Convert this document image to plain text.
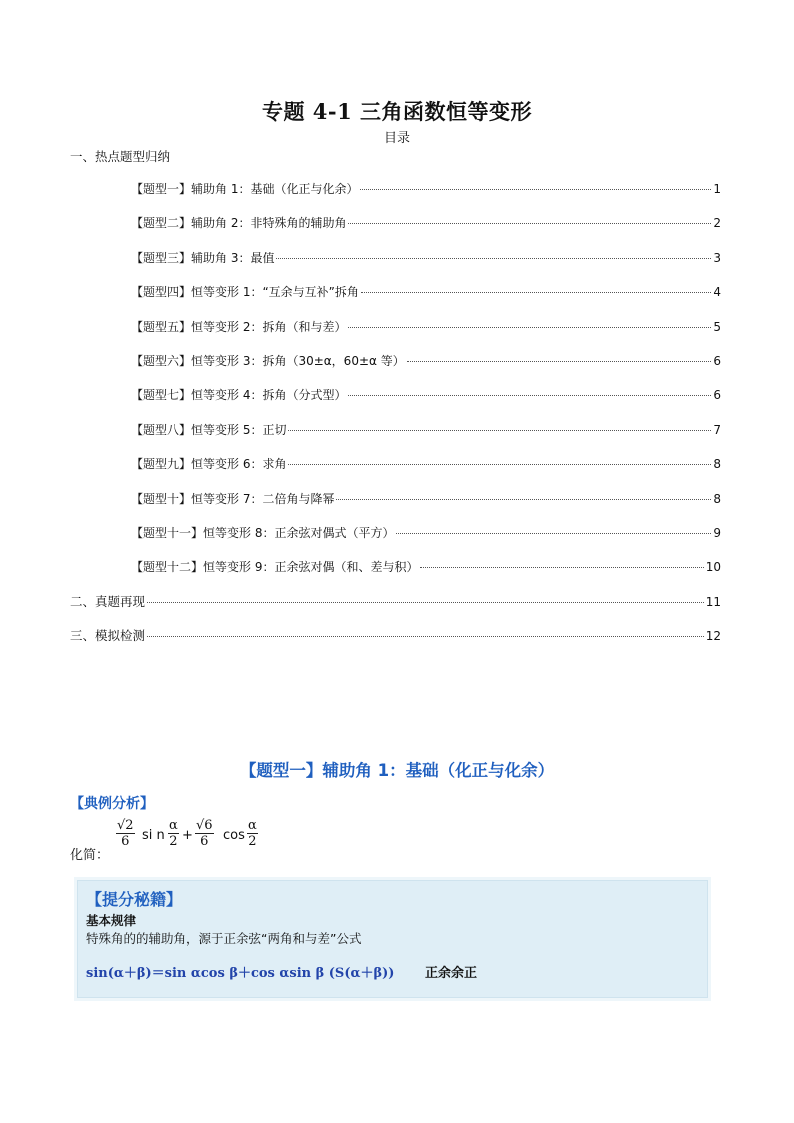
专题 4-1 三角函数恒等变形
目录
一、热点题型归纳
【题型一】辅助角 1：基础（化正与化余）	1
【题型二】辅助角 2：非特殊角的辅助角	2
【题型三】辅助角 3：最值	3
【题型四】恒等变形 1：“互余与互补”拆角	4
【题型五】恒等变形 2：拆角（和与差）	5
【题型六】恒等变形 3：拆角（30±α，60±α 等）	6
【题型七】恒等变形 4：拆角（分式型）	6
【题型八】恒等变形 5：正切	7
【题型九】恒等变形 6：求角	8
【题型十】恒等变形 7：二倍角与降幂	8
【题型十一】恒等变形 8：正余弦对偶式（平方）	9
【题型十二】恒等变形 9：正余弦对偶（和、差与积）	10
二、真题再现	11
三、模拟检测	12
【题型一】辅助角 1：基础（化正与化余）
【典例分析】
化简：
$\frac{√2}{6}$ si n $\frac{\alpha}{2} + \frac{√6}{6}$ $\cos \frac{\alpha}{2}$
【提分秘籍】
基本规律
特殊角的的辅助角，源于正余弦“两角和与差”公式
sin(α＋β)＝sin αcos β＋cos αsin β (S(α＋β)) 正余余正
